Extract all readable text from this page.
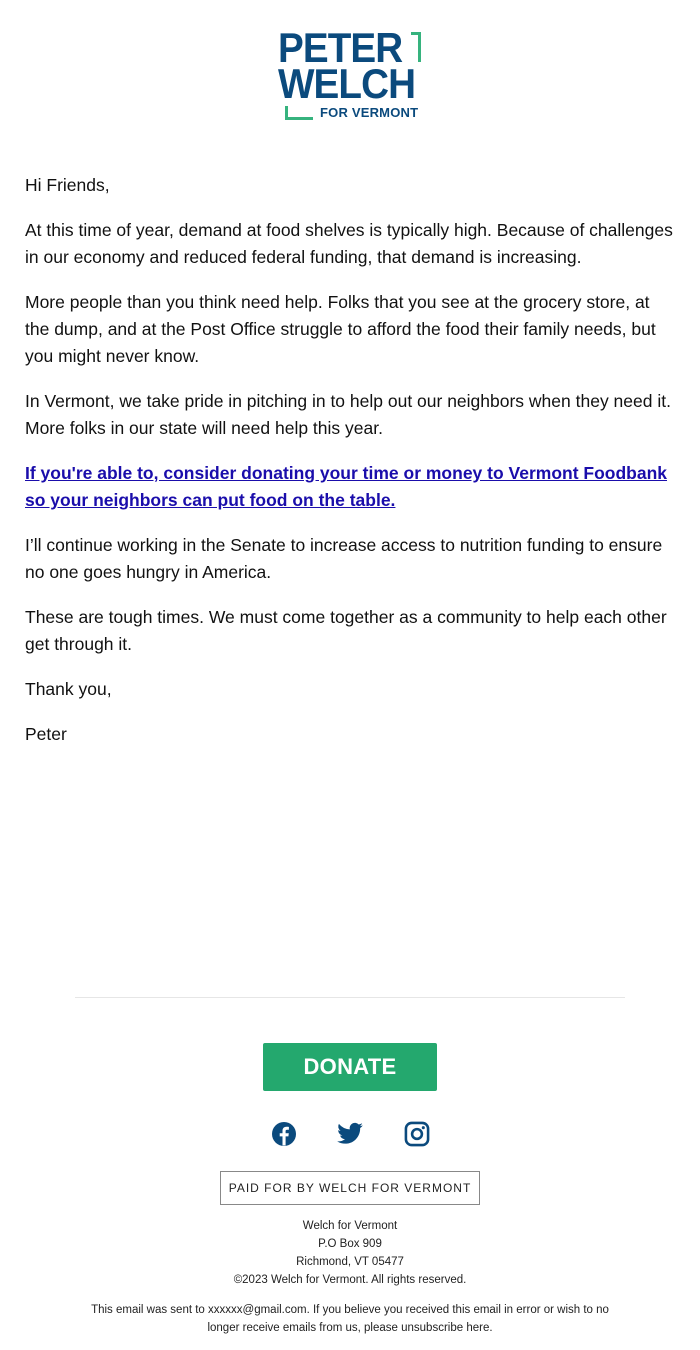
PETER
WELCH
FOR VERMONT

Hi Friends,

At this time of year, demand at food shelves is typically high. Because of challenges in our economy and reduced federal funding, that demand is increasing.

More people than you think need help. Folks that you see at the grocery store, at the dump, and at the Post Office struggle to afford the food their family needs, but you might never know.

In Vermont, we take pride in pitching in to help out our neighbors when they need it. More folks in our state will need help this year.

If you're able to, consider donating your time or money to Vermont Foodbank so your neighbors can put food on the table.

I’ll continue working in the Senate to increase access to nutrition funding to ensure no one goes hungry in America.

These are tough times. We must come together as a community to help each other get through it.

Thank you,

Peter

DONATE
PAID FOR BY WELCH FOR VERMONT
Welch for Vermont
P.O Box 909
Richmond, VT 05477
©2023 Welch for Vermont. All rights reserved.
This email was sent to xxxxxx@gmail.com. If you believe you received this email in error or wish to no longer receive emails from us, please unsubscribe here.
